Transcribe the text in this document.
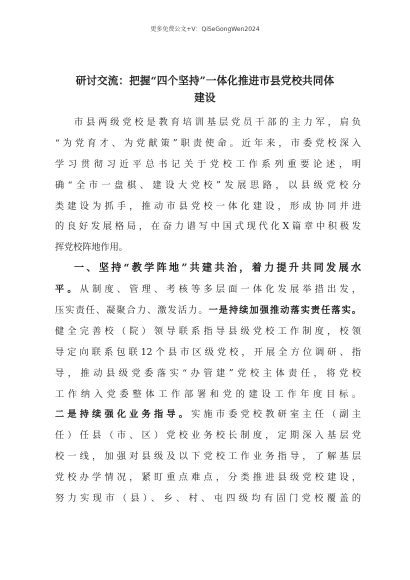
更多免费公文+V：QiSeGongWen2024
研讨交流：把握“四个坚持”一体化推进市县党校共同体
建设
市县两级党校是教育培训基层党员干部的主力军，肩负
“为党育才、为党献策”职责使命。近年来，市委党校深入
学习贯彻习近平总书记关于党校工作系列重要论述，明
确“全市一盘棋、建设大党校”发展思路，以县级党校分
类建设为抓手，推动市县党校一体化建设，形成协同并进
的良好发展格局，在奋力谱写中国式现代化X篇章中积极发
挥党校阵地作用。
一、坚持“教学阵地”共建共治，着力提升共同发展水
平。从制度、管理、考核等多层面一体化发展举措出发，
压实责任、凝聚合力、激发活力。一是持续加强推动落实责任落实。
健全完善校（院）领导联系指导县级党校工作制度，校领
导定向联系包联12个县市区级党校，开展全方位调研、指
导，推动县级党委落实“办管建”党校主体责任，将党校
工作纳入党委整体工作部署和党的建设工作年度目标。
二是持续强化业务指导。实施市委党校教研室主任（副主
任）任县（市、区）党校业务校长制度，定期深入基层党
校一线，加强对县级及以下党校工作业务指导，了解基层
党校办学情况，紧盯重点难点，分类推进县级党校建设，
努力实现市（县）、乡、村、屯四级均有固门党校覆盖的
